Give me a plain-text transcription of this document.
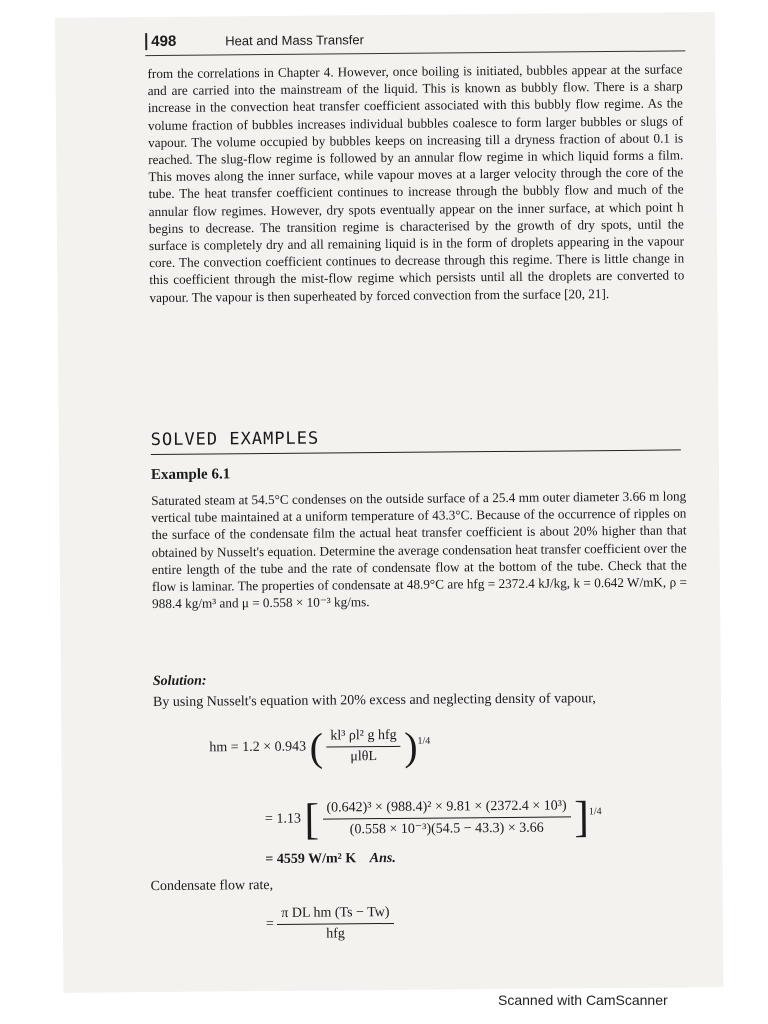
498	Heat and Mass Transfer

from the correlations in Chapter 4. However, once boiling is initiated, bubbles appear at the surface and are carried into the mainstream of the liquid. This is known as bubbly flow. There is a sharp increase in the convection heat transfer coefficient associated with this bubbly flow regime. As the volume fraction of bubbles increases individual bubbles coalesce to form larger bubbles or slugs of vapour. The volume occupied by bubbles keeps on increasing till a dryness fraction of about 0.1 is reached. The slug-flow regime is followed by an annular flow regime in which liquid forms a film. This moves along the inner surface, while vapour moves at a larger velocity through the core of the tube. The heat transfer coefficient continues to increase through the bubbly flow and much of the annular flow regimes. However, dry spots eventually appear on the inner surface, at which point h begins to decrease. The transition regime is characterised by the growth of dry spots, until the surface is completely dry and all remaining liquid is in the form of droplets appearing in the vapour core. The convection coefficient continues to decrease through this regime. There is little change in this coefficient through the mist-flow regime which persists until all the droplets are converted to vapour. The vapour is then superheated by forced convection from the surface [20, 21].

SOLVED EXAMPLES
Example 6.1

Saturated steam at 54.5°C condenses on the outside surface of a 25.4 mm outer diameter 3.66 m long vertical tube maintained at a uniform temperature of 43.3°C. Because of the occurrence of ripples on the surface of the condensate film the actual heat transfer coefficient is about 20% higher than that obtained by Nusselt's equation. Determine the average condensation heat transfer coefficient over the entire length of the tube and the rate of condensate flow at the bottom of the tube. Check that the flow is laminar. The properties of condensate at 48.9°C are hfg = 2372.4 kJ/kg, k = 0.642 W/mK, ρ = 988.4 kg/m³ and μ = 0.558 × 10⁻³ kg/ms.

Solution:
By using Nusselt's equation with 20% excess and neglecting density of vapour,
hm = 1.2 × 0.943 ( $\frac{\text{kl³ ρl² g hfg}}{\text{μlθL}} )^{1/4}$
= 1.13 [ $\frac{\text{(0.642)³ × (988.4)² × 9.81 × (2372.4 × 10³)}}{\text{(0.558 × 10⁻³)(54.5 − 43.3) × 3.66}} ]^{1/4}$
= 4559 W/m² K Ans.
Condensate flow rate,
= $\frac{\text{π DL hm (Ts − Tw)}}{\text{hfg}}$
Scanned with CamScanner
